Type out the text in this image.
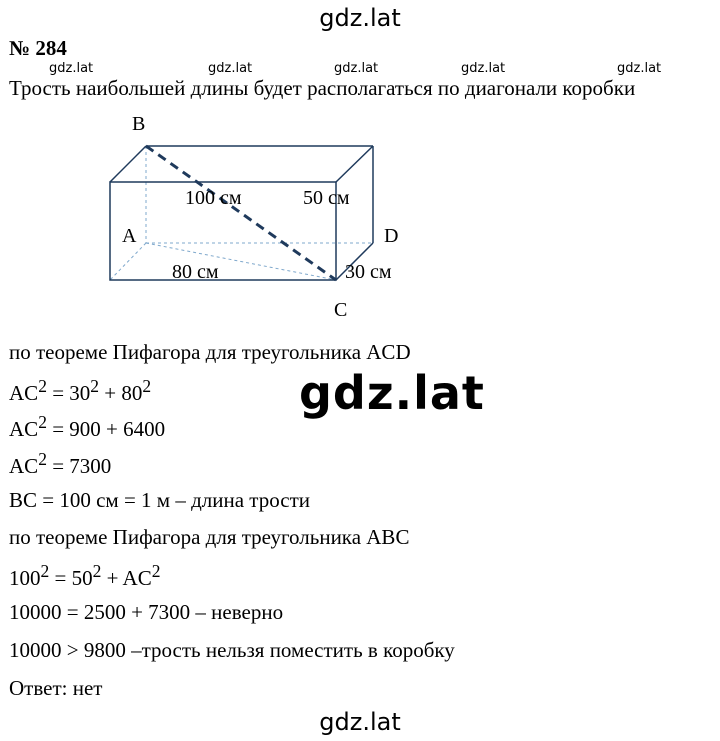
gdz.lat
№ 284
gdz.lat	gdz.lat	gdz.lat	gdz.lat	gdz.lat
Трость наибольшей длины будет располагаться по диагонали коробки
B
A	D
C
100 см	50 см
80 см	30 см
по теореме Пифагора для треугольника ACD
$AC^2 = 30^2 + 80^2$	gdz.lat
$AC^2 = 900 + 6400$
$AC^2 = 7300$
BC = 100 см = 1 м – длина трости
по теореме Пифагора для треугольника ABC
$100^2 = 50^2 + AC^2$
10000 = 2500 + 7300 – неверно
10000 > 9800 –трость нельзя поместить в коробку
Ответ: нет
gdz.lat
